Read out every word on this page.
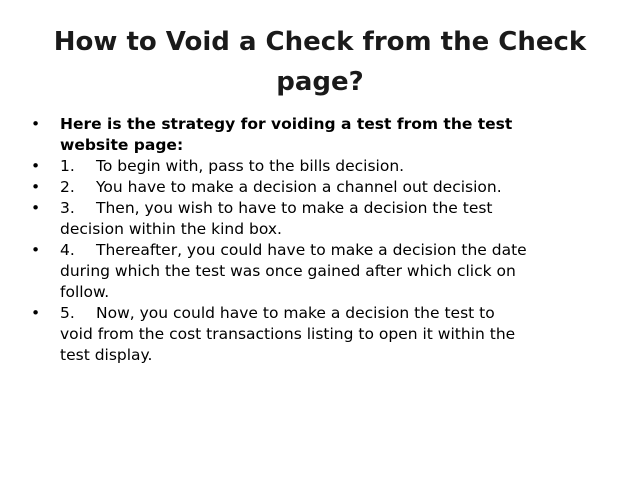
How to Void a Check from the Check
page?
• Here is the strategy for voiding a test from the test
website page:
• 1. To begin with, pass to the bills decision.
• 2. You have to make a decision a channel out decision.
• 3. Then, you wish to have to make a decision the test
decision within the kind box.
• 4. Thereafter, you could have to make a decision the date
during which the test was once gained after which click on
follow.
• 5. Now, you could have to make a decision the test to
void from the cost transactions listing to open it within the
test display.
